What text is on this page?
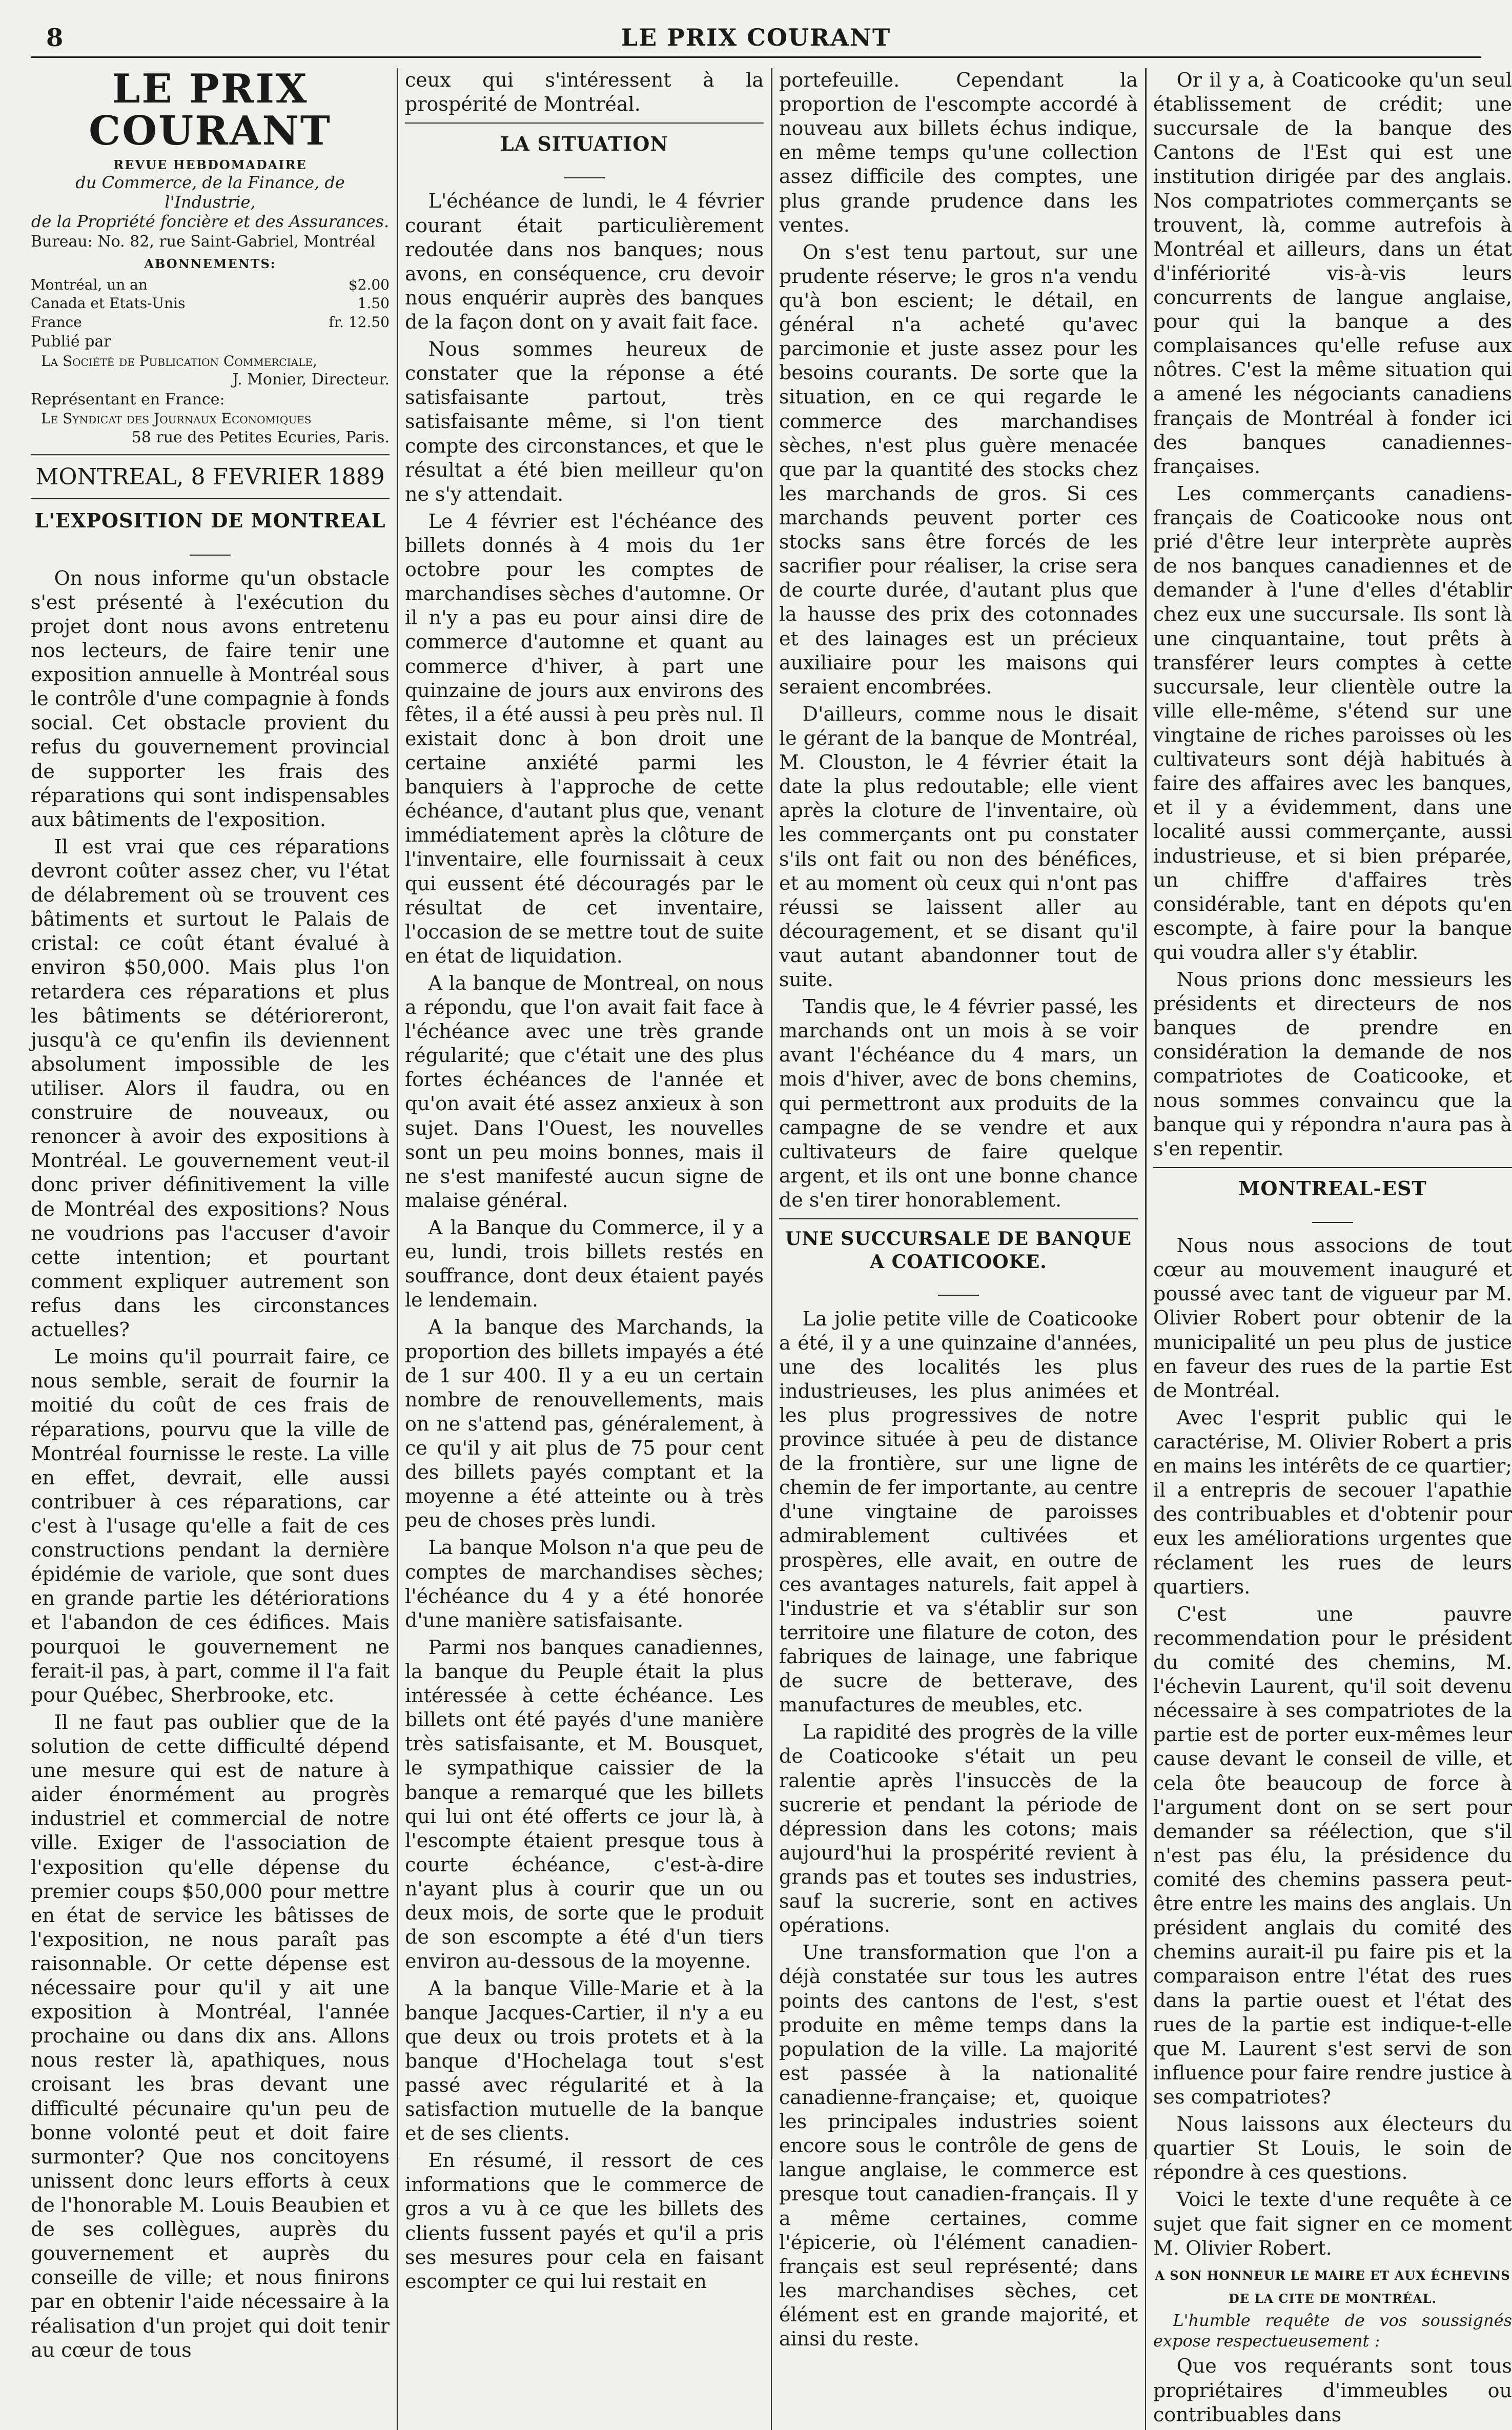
8	LE PRIX COURANT
LE PRIX COURANT
REVUE HEBDOMADAIRE
du Commerce, de la Finance, de l'Industrie,
de la Propriété foncière et des Assurances.
Bureau: No. 82, rue Saint-Gabriel, Montréal
ABONNEMENTS:
Montréal, un an	$2.00
Canada et Etats-Unis	1.50
France	fr. 12.50
Publié par
La Société de Publication Commerciale,
J. Monier, Directeur.
Représentant en France:
Le Syndicat des Journaux Economiques
58 rue des Petites Ecuries, Paris.
MONTREAL, 8 FEVRIER 1889
L'EXPOSITION DE MONTREAL

On nous informe qu'un obstacle s'est présenté à l'exécution du projet dont nous avons entretenu nos lecteurs, de faire tenir une exposition annuelle à Montréal sous le contrôle d'une compagnie à fonds social. Cet obstacle provient du refus du gouvernement provincial de supporter les frais des réparations qui sont indispensables aux bâtiments de l'exposition.

Il est vrai que ces réparations devront coûter assez cher, vu l'état de délabrement où se trouvent ces bâtiments et surtout le Palais de cristal: ce coût étant évalué à environ $50,000. Mais plus l'on retardera ces réparations et plus les bâtiments se détérioreront, jusqu'à ce qu'enfin ils deviennent absolument impossible de les utiliser. Alors il faudra, ou en construire de nouveaux, ou renoncer à avoir des expositions à Montréal. Le gouvernement veut-il donc priver définitivement la ville de Montréal des expositions? Nous ne voudrions pas l'accuser d'avoir cette intention; et pourtant comment expliquer autrement son refus dans les circonstances actuelles?

Le moins qu'il pourrait faire, ce nous semble, serait de fournir la moitié du coût de ces frais de réparations, pourvu que la ville de Montréal fournisse le reste. La ville en effet, devrait, elle aussi contribuer à ces réparations, car c'est à l'usage qu'elle a fait de ces constructions pendant la dernière épidémie de variole, que sont dues en grande partie les détériorations et l'abandon de ces édifices. Mais pourquoi le gouvernement ne ferait-il pas, à part, comme il l'a fait pour Québec, Sherbrooke, etc.

Il ne faut pas oublier que de la solution de cette difficulté dépend une mesure qui est de nature à aider énormément au progrès industriel et commercial de notre ville. Exiger de l'association de l'exposition qu'elle dépense du premier coups $50,000 pour mettre en état de service les bâtisses de l'exposition, ne nous paraît pas raisonnable. Or cette dépense est nécessaire pour qu'il y ait une exposition à Montréal, l'année prochaine ou dans dix ans. Allons nous rester là, apathiques, nous croisant les bras devant une difficulté pécunaire qu'un peu de bonne volonté peut et doit faire surmonter? Que nos concitoyens unissent donc leurs efforts à ceux de l'honorable M. Louis Beaubien et de ses collègues, auprès du gouvernement et auprès du conseille de ville; et nous finirons par en obtenir l'aide nécessaire à la réalisation d'un projet qui doit tenir au cœur de tous

ceux qui s'intéressent à la prospérité de Montréal.

LA SITUATION

L'échéance de lundi, le 4 février courant était particulièrement redoutée dans nos banques; nous avons, en conséquence, cru devoir nous enquérir auprès des banques de la façon dont on y avait fait face.

Nous sommes heureux de constater que la réponse a été satisfaisante partout, très satisfaisante même, si l'on tient compte des circonstances, et que le résultat a été bien meilleur qu'on ne s'y attendait.

Le 4 février est l'échéance des billets donnés à 4 mois du 1er octobre pour les comptes de marchandises sèches d'automne. Or il n'y a pas eu pour ainsi dire de commerce d'automne et quant au commerce d'hiver, à part une quinzaine de jours aux environs des fêtes, il a été aussi à peu près nul. Il existait donc à bon droit une certaine anxiété parmi les banquiers à l'approche de cette échéance, d'autant plus que, venant immédiatement après la clôture de l'inventaire, elle fournissait à ceux qui eussent été découragés par le résultat de cet inventaire, l'occasion de se mettre tout de suite en état de liquidation.

A la banque de Montreal, on nous a répondu, que l'on avait fait face à l'échéance avec une très grande régularité; que c'était une des plus fortes échéances de l'année et qu'on avait été assez anxieux à son sujet. Dans l'Ouest, les nouvelles sont un peu moins bonnes, mais il ne s'est manifesté aucun signe de malaise général.

A la Banque du Commerce, il y a eu, lundi, trois billets restés en souffrance, dont deux étaient payés le lendemain.

A la banque des Marchands, la proportion des billets impayés a été de 1 sur 400. Il y a eu un certain nombre de renouvellements, mais on ne s'attend pas, généralement, à ce qu'il y ait plus de 75 pour cent des billets payés comptant et la moyenne a été atteinte ou à très peu de choses près lundi.

La banque Molson n'a que peu de comptes de marchandises sèches; l'échéance du 4 y a été honorée d'une manière satisfaisante.

Parmi nos banques canadiennes, la banque du Peuple était la plus intéressée à cette échéance. Les billets ont été payés d'une manière très satisfaisante, et M. Bousquet, le sympathique caissier de la banque a remarqué que les billets qui lui ont été offerts ce jour là, à l'escompte étaient presque tous à courte échéance, c'est-à-dire n'ayant plus à courir que un ou deux mois, de sorte que le produit de son escompte a été d'un tiers environ au-dessous de la moyenne.

A la banque Ville-Marie et à la banque Jacques-Cartier, il n'y a eu que deux ou trois protets et à la banque d'Hochelaga tout s'est passé avec régularité et à la satisfaction mutuelle de la banque et de ses clients.

En résumé, il ressort de ces informations que le commerce de gros a vu à ce que les billets des clients fussent payés et qu'il a pris ses mesures pour cela en faisant escompter ce qui lui restait en

portefeuille. Cependant la proportion de l'escompte accordé à nouveau aux billets échus indique, en même temps qu'une collection assez difficile des comptes, une plus grande prudence dans les ventes.

On s'est tenu partout, sur une prudente réserve; le gros n'a vendu qu'à bon escient; le détail, en général n'a acheté qu'avec parcimonie et juste assez pour les besoins courants. De sorte que la situation, en ce qui regarde le commerce des marchandises sèches, n'est plus guère menacée que par la quantité des stocks chez les marchands de gros. Si ces marchands peuvent porter ces stocks sans être forcés de les sacrifier pour réaliser, la crise sera de courte durée, d'autant plus que la hausse des prix des cotonnades et des lainages est un précieux auxiliaire pour les maisons qui seraient encombrées.

D'ailleurs, comme nous le disait le gérant de la banque de Montréal, M. Clouston, le 4 février était la date la plus redoutable; elle vient après la cloture de l'inventaire, où les commerçants ont pu constater s'ils ont fait ou non des bénéfices, et au moment où ceux qui n'ont pas réussi se laissent aller au découragement, et se disant qu'il vaut autant abandonner tout de suite.

Tandis que, le 4 février passé, les marchands ont un mois à se voir avant l'échéance du 4 mars, un mois d'hiver, avec de bons chemins, qui permettront aux produits de la campagne de se vendre et aux cultivateurs de faire quelque argent, et ils ont une bonne chance de s'en tirer honorablement.

UNE SUCCURSALE DE BANQUE
A COATICOOKE.

La jolie petite ville de Coaticooke a été, il y a une quinzaine d'années, une des localités les plus industrieuses, les plus animées et les plus progressives de notre province située à peu de distance de la frontière, sur une ligne de chemin de fer importante, au centre d'une vingtaine de paroisses admirablement cultivées et prospères, elle avait, en outre de ces avantages naturels, fait appel à l'industrie et va s'établir sur son territoire une filature de coton, des fabriques de lainage, une fabrique de sucre de betterave, des manufactures de meubles, etc.

La rapidité des progrès de la ville de Coaticooke s'était un peu ralentie après l'insuccès de la sucrerie et pendant la période de dépression dans les cotons; mais aujourd'hui la prospérité revient à grands pas et toutes ses industries, sauf la sucrerie, sont en actives opérations.

Une transformation que l'on a déjà constatée sur tous les autres points des cantons de l'est, s'est produite en même temps dans la population de la ville. La majorité est passée à la nationalité canadienne-française; et, quoique les principales industries soient encore sous le contrôle de gens de langue anglaise, le commerce est presque tout canadien-français. Il y a même certaines, comme l'épicerie, où l'élément canadien-français est seul représenté; dans les marchandises sèches, cet élément est en grande majorité, et ainsi du reste.

Or il y a, à Coaticooke qu'un seul établissement de crédit; une succursale de la banque des Cantons de l'Est qui est une institution dirigée par des anglais. Nos compatriotes commerçants se trouvent, là, comme autrefois à Montréal et ailleurs, dans un état d'infériorité vis-à-vis leurs concurrents de langue anglaise, pour qui la banque a des complaisances qu'elle refuse aux nôtres. C'est la même situation qui a amené les négociants canadiens français de Montréal à fonder ici des banques canadiennes-françaises.

Les commerçants canadiens-français de Coaticooke nous ont prié d'être leur interprète auprès de nos banques canadiennes et de demander à l'une d'elles d'établir chez eux une succursale. Ils sont là une cinquantaine, tout prêts à transférer leurs comptes à cette succursale, leur clientèle outre la ville elle-même, s'étend sur une vingtaine de riches paroisses où les cultivateurs sont déjà habitués à faire des affaires avec les banques, et il y a évidemment, dans une localité aussi commerçante, aussi industrieuse, et si bien préparée, un chiffre d'affaires très considérable, tant en dépots qu'en escompte, à faire pour la banque qui voudra aller s'y établir.

Nous prions donc messieurs les présidents et directeurs de nos banques de prendre en considération la demande de nos compatriotes de Coaticooke, et nous sommes convaincu que la banque qui y répondra n'aura pas à s'en repentir.

MONTREAL-EST

Nous nous associons de tout cœur au mouvement inauguré et poussé avec tant de vigueur par M. Olivier Robert pour obtenir de la municipalité un peu plus de justice en faveur des rues de la partie Est de Montréal.

Avec l'esprit public qui le caractérise, M. Olivier Robert a pris en mains les intérêts de ce quartier; il a entrepris de secouer l'apathie des contribuables et d'obtenir pour eux les améliorations urgentes que réclament les rues de leurs quartiers.

C'est une pauvre recommendation pour le président du comité des chemins, M. l'échevin Laurent, qu'il soit devenu nécessaire à ses compatriotes de la partie est de porter eux-mêmes leur cause devant le conseil de ville, et cela ôte beaucoup de force à l'argument dont on se sert pour demander sa réélection, que s'il n'est pas élu, la présidence du comité des chemins passera peut-être entre les mains des anglais. Un président anglais du comité des chemins aurait-il pu faire pis et la comparaison entre l'état des rues dans la partie ouest et l'état des rues de la partie est indique-t-elle que M. Laurent s'est servi de son influence pour faire rendre justice à ses compatriotes?

Nous laissons aux électeurs du quartier St Louis, le soin de répondre à ces questions.

Voici le texte d'une requête à ce sujet que fait signer en ce moment M. Olivier Robert.

A SON HONNEUR LE MAIRE ET AUX ÉCHEVINS
DE LA CITE DE MONTRÉAL.

L'humble requête de vos soussignés expose respectueusement :

Que vos requérants sont tous propriétaires d'immeubles ou contribuables dans
